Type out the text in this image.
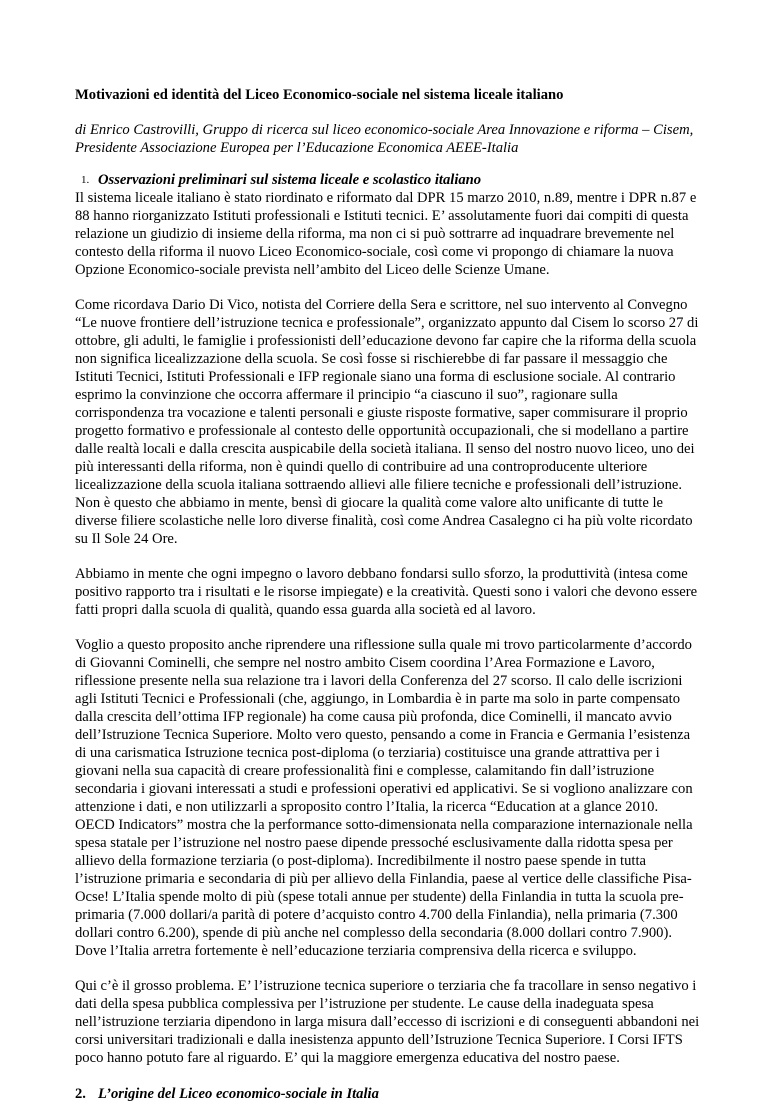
Motivazioni ed identità del Liceo Economico-sociale nel sistema liceale italiano

di Enrico Castrovilli, Gruppo di ricerca sul liceo economico-sociale Area Innovazione e riforma – Cisem, Presidente Associazione Europea per l’Educazione Economica AEEE-Italia

1. Osservazioni preliminari sul sistema liceale e scolastico italiano

Il sistema liceale italiano è stato riordinato e riformato dal DPR 15 marzo 2010, n.89, mentre i DPR n.87 e 88 hanno riorganizzato Istituti professionali e Istituti tecnici. E’ assolutamente fuori dai compiti di questa relazione un giudizio di insieme della riforma, ma non ci si può sottrarre ad inquadrare brevemente nel contesto della riforma il nuovo Liceo Economico-sociale, così come vi propongo di chiamare la nuova Opzione Economico-sociale prevista nell’ambito del Liceo delle Scienze Umane.

Come ricordava Dario Di Vico, notista del Corriere della Sera e scrittore, nel suo intervento al Convegno “Le nuove frontiere dell’istruzione tecnica e professionale”, organizzato appunto dal Cisem lo scorso 27 di ottobre, gli adulti, le famiglie i professionisti dell’educazione devono far capire che la riforma della scuola non significa licealizzazione della scuola. Se così fosse si rischierebbe di far passare il messaggio che Istituti Tecnici, Istituti Professionali e IFP regionale siano una forma di esclusione sociale. Al contrario esprimo la convinzione che occorra affermare il principio “a ciascuno il suo”, ragionare sulla corrispondenza tra vocazione e talenti personali e giuste risposte formative, saper commisurare il proprio progetto formativo e professionale al contesto delle opportunità occupazionali, che si modellano a partire dalle realtà locali e dalla crescita auspicabile della società italiana. Il senso del nostro nuovo liceo, uno dei più interessanti della riforma, non è quindi quello di contribuire ad una controproducente ulteriore licealizzazione della scuola italiana sottraendo allievi alle filiere tecniche e professionali dell’istruzione. Non è questo che abbiamo in mente, bensì di giocare la qualità come valore alto unificante di tutte le diverse filiere scolastiche nelle loro diverse finalità, così come Andrea Casalegno ci ha più volte ricordato su Il Sole 24 Ore.

Abbiamo in mente che ogni impegno o lavoro debbano fondarsi sullo sforzo, la produttività (intesa come positivo rapporto tra i risultati e le risorse impiegate) e la creatività. Questi sono i valori che devono essere fatti propri dalla scuola di qualità, quando essa guarda alla società ed al lavoro.

Voglio a questo proposito anche riprendere una riflessione sulla quale mi trovo particolarmente d’accordo di Giovanni Cominelli, che sempre nel nostro ambito Cisem coordina l’Area Formazione e Lavoro, riflessione presente nella sua relazione tra i lavori della Conferenza del 27 scorso. Il calo delle iscrizioni agli Istituti Tecnici e Professionali (che, aggiungo, in Lombardia è in parte ma solo in parte compensato dalla crescita dell’ottima IFP regionale) ha come causa più profonda, dice Cominelli, il mancato avvio dell’Istruzione Tecnica Superiore. Molto vero questo, pensando a come in Francia e Germania l’esistenza di una carismatica Istruzione tecnica post-diploma (o terziaria) costituisce una grande attrattiva per i giovani nella sua capacità di creare professionalità fini e complesse, calamitando fin dall’istruzione secondaria i giovani interessati a studi e professioni operativi ed applicativi. Se si vogliono analizzare con attenzione i dati, e non utilizzarli a sproposito contro l’Italia, la ricerca “Education at a glance 2010. OECD Indicators” mostra che la performance sotto-dimensionata nella comparazione internazionale nella spesa statale per l’istruzione nel nostro paese dipende pressoché esclusivamente dalla ridotta spesa per allievo della formazione terziaria (o post-diploma). Incredibilmente il nostro paese spende in tutta l’istruzione primaria e secondaria di più per allievo della Finlandia, paese al vertice delle classifiche Pisa-Ocse! L’Italia spende molto di più (spese totali annue per studente) della Finlandia in tutta la scuola pre-primaria (7.000 dollari/a parità di potere d’acquisto contro 4.700 della Finlandia), nella primaria (7.300 dollari contro 6.200), spende di più anche nel complesso della secondaria (8.000 dollari contro 7.900). Dove l’Italia arretra fortemente è nell’educazione terziaria comprensiva della ricerca e sviluppo.

Qui c’è il grosso problema. E’ l’istruzione tecnica superiore o terziaria che fa tracollare in senso negativo i dati della spesa pubblica complessiva per l’istruzione per studente. Le cause della inadeguata spesa nell’istruzione terziaria dipendono in larga misura dall’eccesso di iscrizioni e di conseguenti abbandoni nei corsi universitari tradizionali e dalla inesistenza appunto dell’Istruzione Tecnica Superiore. I Corsi IFTS poco hanno potuto fare al riguardo. E’ qui la maggiore emergenza educativa del nostro paese.

2. L’origine del Liceo economico-sociale in Italia
